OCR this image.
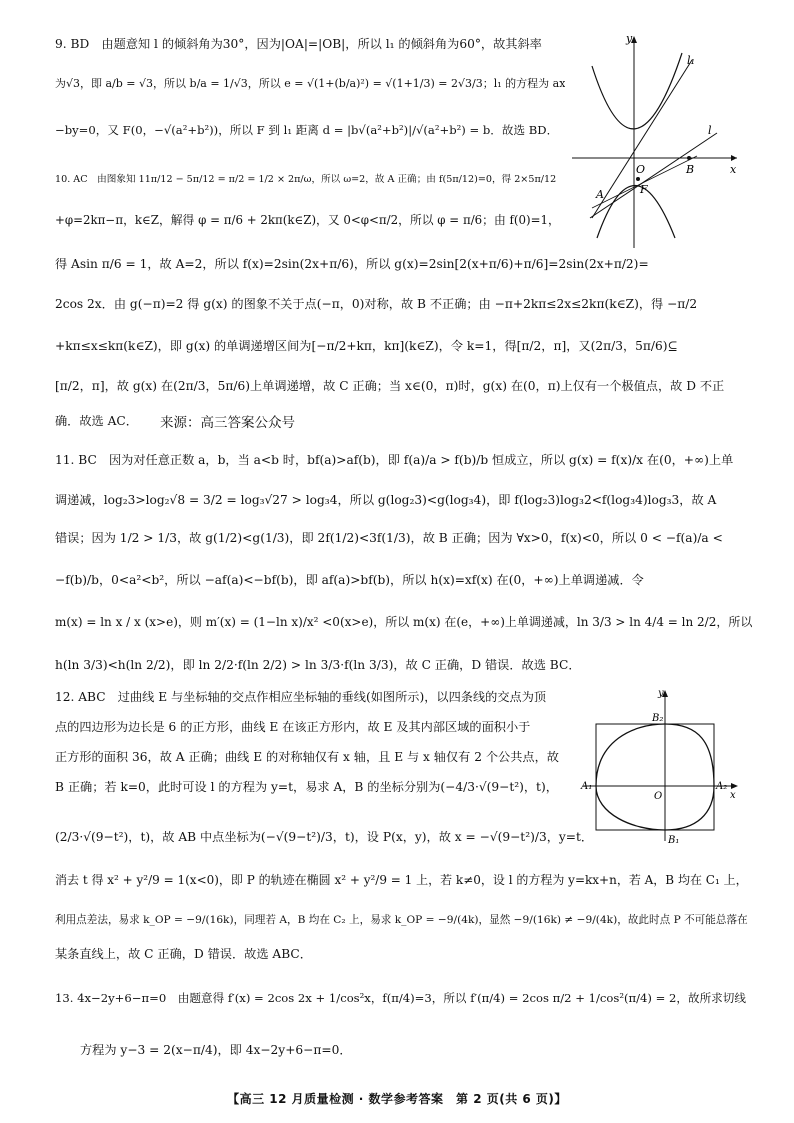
9. BD　由题意知 l 的倾斜角为30°，因为|OA|=|OB|，所以 l₁ 的倾斜角为60°，故其斜率
为√3，即 a/b = √3，所以 b/a = 1/√3，所以 e = √(1+(b/a)²) = √(1+1/3) = 2√3/3；l₁ 的方程为 ax
−by=0，又 F(0，−√(a²+b²))，所以 F 到 l₁ 距离 d = |b√(a²+b²)|/√(a²+b²) = b．故选 BD．
y
x
l₁
l
O	B
A	F
10. AC　由图象知 11π/12 − 5π/12 = π/2 = 1/2 × 2π/ω，所以 ω=2，故 A 正确；由 f(5π/12)=0，得 2×5π/12
+φ=2kπ−π，k∈Z，解得 φ = π/6 + 2kπ(k∈Z)，又 0<φ<π/2，所以 φ = π/6；由 f(0)=1，
得 Asin π/6 = 1，故 A=2，所以 f(x)=2sin(2x+π/6)，所以 g(x)=2sin[2(x+π/6)+π/6]=2sin(2x+π/2)=
2cos 2x．由 g(−π)=2 得 g(x) 的图象不关于点(−π，0)对称，故 B 不正确；由 −π+2kπ≤2x≤2kπ(k∈Z)，得 −π/2
+kπ≤x≤kπ(k∈Z)，即 g(x) 的单调递增区间为[−π/2+kπ，kπ](k∈Z)，令 k=1，得[π/2，π]，又(2π/3，5π/6)⊆
[π/2，π]，故 g(x) 在(2π/3，5π/6)上单调递增，故 C 正确；当 x∈(0，π)时，g(x) 在(0，π)上仅有一个极值点，故 D 不正
确．故选 AC．	来源：高三答案公众号
11. BC　因为对任意正数 a，b，当 a<b 时，bf(a)>af(b)，即 f(a)/a > f(b)/b 恒成立，所以 g(x) = f(x)/x 在(0，+∞)上单
调递减，log₂3>log₂√8 = 3/2 = log₃√27 > log₃4，所以 g(log₂3)<g(log₃4)，即 f(log₂3)log₃2<f(log₃4)log₃3，故 A
错误；因为 1/2 > 1/3，故 g(1/2)<g(1/3)，即 2f(1/2)<3f(1/3)，故 B 正确；因为 ∀x>0，f(x)<0，所以 0 < −f(a)/a <
−f(b)/b，0<a²<b²，所以 −af(a)<−bf(b)，即 af(a)>bf(b)，所以 h(x)=xf(x) 在(0，+∞)上单调递减．令
m(x) = ln x / x (x>e)，则 m′(x) = (1−ln x)/x² <0(x>e)，所以 m(x) 在(e，+∞)上单调递减，ln 3/3 > ln 4/4 = ln 2/2，所以
h(ln 3/3)<h(ln 2/2)，即 ln 2/2·f(ln 2/2) > ln 3/3·f(ln 3/3)，故 C 正确，D 错误．故选 BC．
12. ABC　过曲线 E 与坐标轴的交点作相应坐标轴的垂线(如图所示)，以四条线的交点为顶
点的四边形为边长是 6 的正方形，曲线 E 在该正方形内，故 E 及其内部区域的面积小于
正方形的面积 36，故 A 正确；曲线 E 的对称轴仅有 x 轴，且 E 与 x 轴仅有 2 个公共点，故
B 正确；若 k=0，此时可设 l 的方程为 y=t，易求 A，B 的坐标分别为(−4/3·√(9−t²)，t)，
(2/3·√(9−t²)，t)，故 AB 中点坐标为(−√(9−t²)/3，t)，设 P(x，y)，故 x = −√(9−t²)/3，y=t．
消去 t 得 x² + y²/9 = 1(x<0)，即 P 的轨迹在椭圆 x² + y²/9 = 1 上，若 k≠0，设 l 的方程为 y=kx+n，若 A，B 均在 C₁ 上，
利用点差法，易求 k_OP = −9/(16k)，同理若 A，B 均在 C₂ 上，易求 k_OP = −9/(4k)，显然 −9/(16k) ≠ −9/(4k)，故此时点 P 不可能总落在
某条直线上，故 C 正确，D 错误．故选 ABC．
y
x
B₂
B₁
A₁	A₂
O
13. 4x−2y+6−π=0　由题意得 f′(x) = 2cos 2x + 1/cos²x，f(π/4)=3，所以 f′(π/4) = 2cos π/2 + 1/cos²(π/4) = 2，故所求切线
方程为 y−3 = 2(x−π/4)，即 4x−2y+6−π=0．
【高三 12 月质量检测 · 数学参考答案　第 2 页(共 6 页)】
